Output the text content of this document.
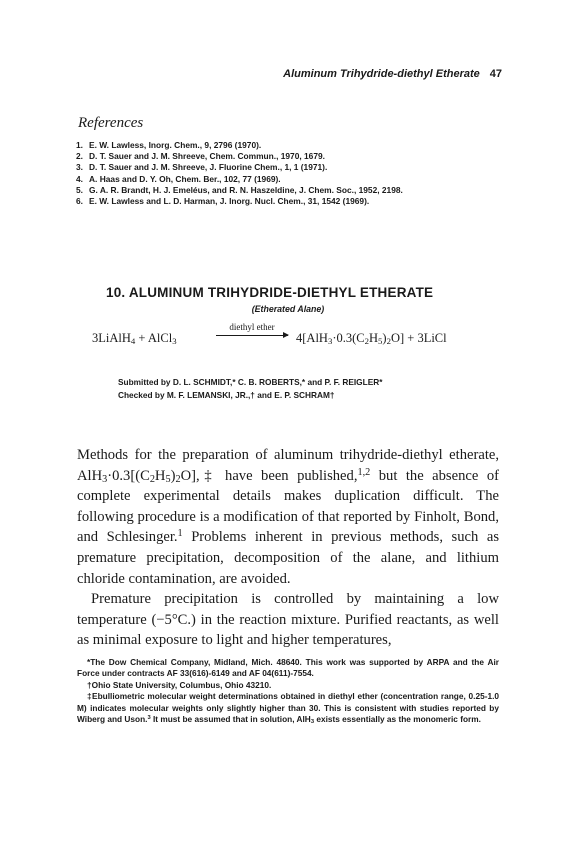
Aluminum Trihydride-diethyl Etherate 47
References
1. E. W. Lawless, Inorg. Chem., 9, 2796 (1970).
2. D. T. Sauer and J. M. Shreeve, Chem. Commun., 1970, 1679.
3. D. T. Sauer and J. M. Shreeve, J. Fluorine Chem., 1, 1 (1971).
4. A. Haas and D. Y. Oh, Chem. Ber., 102, 77 (1969).
5. G. A. R. Brandt, H. J. Emeléus, and R. N. Haszeldine, J. Chem. Soc., 1952, 2198.
6. E. W. Lawless and L. D. Harman, J. Inorg. Nucl. Chem., 31, 1542 (1969).
10. ALUMINUM TRIHYDRIDE-DIETHYL ETHERATE
(Etherated Alane)
3LiAlH$_4$ + AlCl$_3$
diethyl ether
$4[AlH_3\cdot 0.3(C_2H_5)_2O]$ + 3LiCl
Submitted by D. L. SCHMIDT,* C. B. ROBERTS,* and P. F. REIGLER*
Checked by M. F. LEMANSKI, JR.,† and E. P. SCHRAM†

Methods for the preparation of aluminum trihydride-diethyl etherate, $AlH_3\cdot 0.3[(C_2H_5)_2O],\ddagger$ have been published,$^{1,2}$ but the absence of complete experimental details makes duplication difficult. The following procedure is a modification of that reported by Finholt, Bond, and Schlesinger.$^1$ Problems inherent in previous methods, such as premature precipitation, decomposition of the alane, and lithium chloride contamination, are avoided.

Premature precipitation is controlled by maintaining a low temperature (−5°C.) in the reaction mixture. Purified reactants, as well as minimal exposure to light and higher temperatures,

*The Dow Chemical Company, Midland, Mich. 48640. This work was supported by ARPA and the Air Force under contracts AF 33(616)-6149 and AF 04(611)-7554.

†Ohio State University, Columbus, Ohio 43210.

‡Ebulliometric molecular weight determinations obtained in diethyl ether (concentration range, 0.25-1.0 M) indicates molecular weights only slightly higher than 30. This is consistent with studies reported by Wiberg and Uson.$^3$ It must be assumed that in solution, AlH$_3$ exists essentially as the monomeric form.
